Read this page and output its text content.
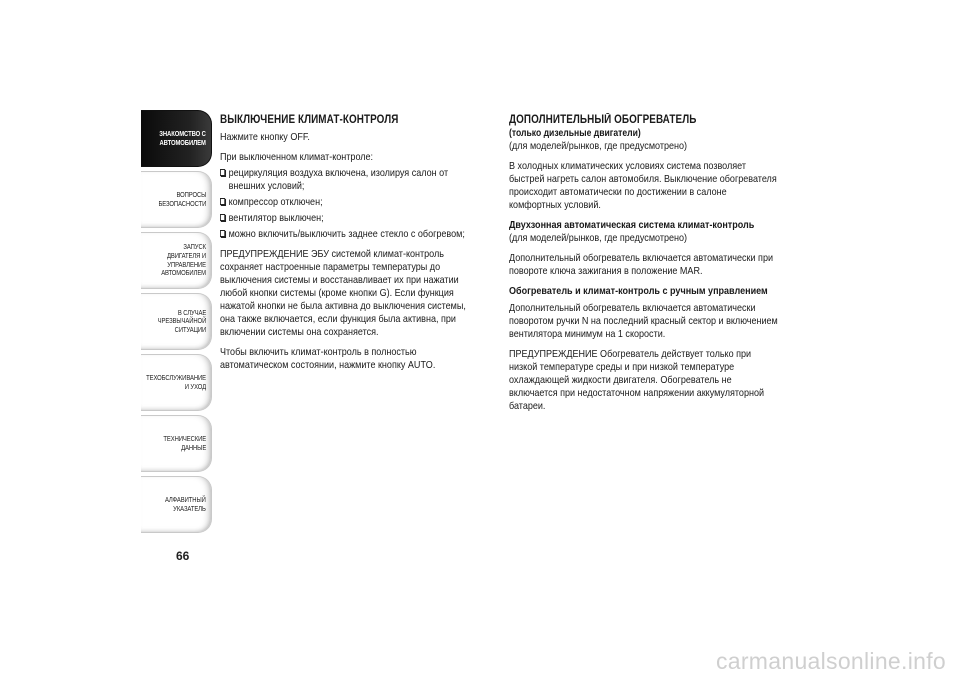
ЗНАКОМСТВО С
АВТОМОБИЛЕМ
ВОПРОСЫ
БЕЗОПАСНОСТИ
ЗАПУСК ДВИГАТЕЛЯ И
УПРАВЛЕНИЕ
АВТОМОБИЛЕМ
В СЛУЧАЕ
ЧРЕЗВЫЧАЙНОЙ
СИТУАЦИИ
ТЕХОБСЛУЖИВАНИЕ
И УХОД
ТЕХНИЧЕСКИЕ
ДАННЫЕ
АЛФАВИТНЫЙ
УКАЗАТЕЛЬ
66
ВЫКЛЮЧЕНИЕ КЛИМАТ-КОНТРОЛЯ

Нажмите кнопку OFF.

При выключенном климат-контроле:

рециркуляция воздуха включена, изолируя салон от внешних условий;
компрессор отключен;
вентилятор выключен;
можно включить/выключить заднее стекло с обогревом;

ПРЕДУПРЕЖДЕНИЕ ЭБУ системой климат-контроль сохраняет настроенные параметры температуры до выключения системы и восстанавливает их при нажатии любой кнопки системы (кроме кнопки G). Если функция нажатой кнопки не была активна до выключения системы, она также включается, если функция была активна, при включении системы она сохраняется.

Чтобы включить климат-контроль в полностью автоматическом состоянии, нажмите кнопку AUTO.

ДОПОЛНИТЕЛЬНЫЙ ОБОГРЕВАТЕЛЬ
(только дизельные двигатели)
(для моделей/рынков, где предусмотрено)

В холодных климатических условиях система позволяет быстрей нагреть салон автомобиля. Выключение обогревателя происходит автоматически по достижении в салоне комфортных условий.

Двухзонная автоматическая система климат-контроль
(для моделей/рынков, где предусмотрено)

Дополнительный обогреватель включается автоматически при повороте ключа зажигания в положение MAR.

Обогреватель и климат-контроль с ручным управлением

Дополнительный обогреватель включается автоматически поворотом ручки N на последний красный сектор и включением вентилятора минимум на 1 скорости.

ПРЕДУПРЕЖДЕНИЕ Обогреватель действует только при низкой температуре среды и при низкой температуре охлаждающей жидкости двигателя. Обогреватель не включается при недостаточном напряжении аккумуляторной батареи.

carmanualsonline.info
